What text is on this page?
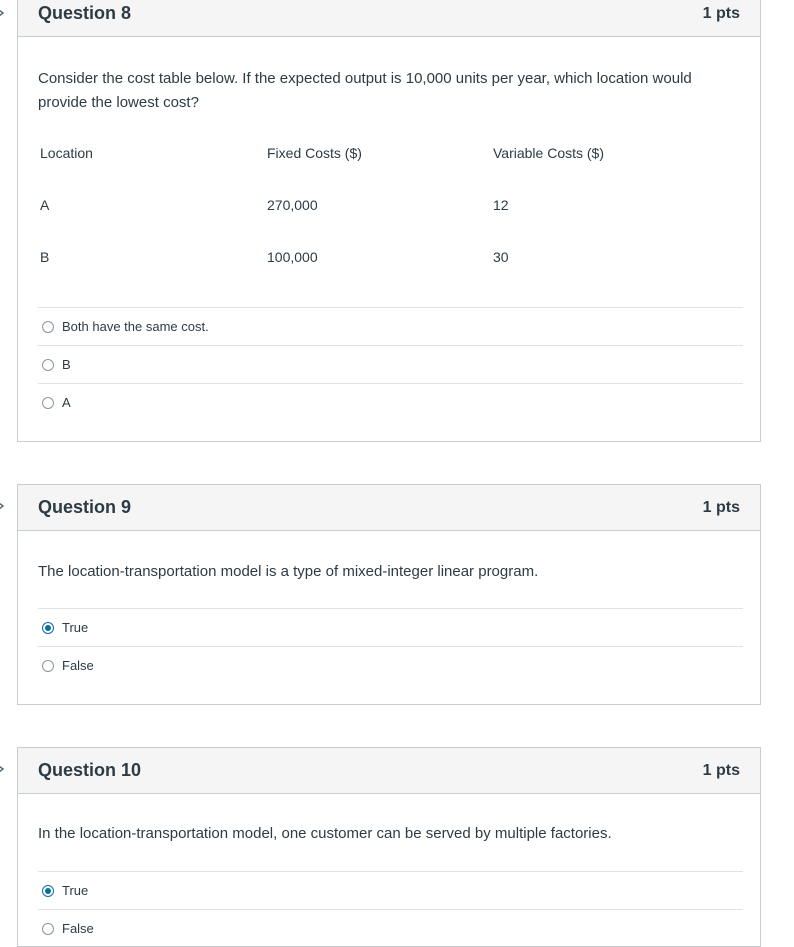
Question 8	1 pts
Consider the cost table below. If the expected output is 10,000 units per year, which location would provide the lowest cost?
Location	Fixed Costs ($)	Variable Costs ($)
A	270,000	12
B	100,000	30
Both have the same cost.
B
A
Question 9	1 pts
The location-transportation model is a type of mixed-integer linear program.
True
False
Question 10	1 pts
In the location-transportation model, one customer can be served by multiple factories.
True
False
